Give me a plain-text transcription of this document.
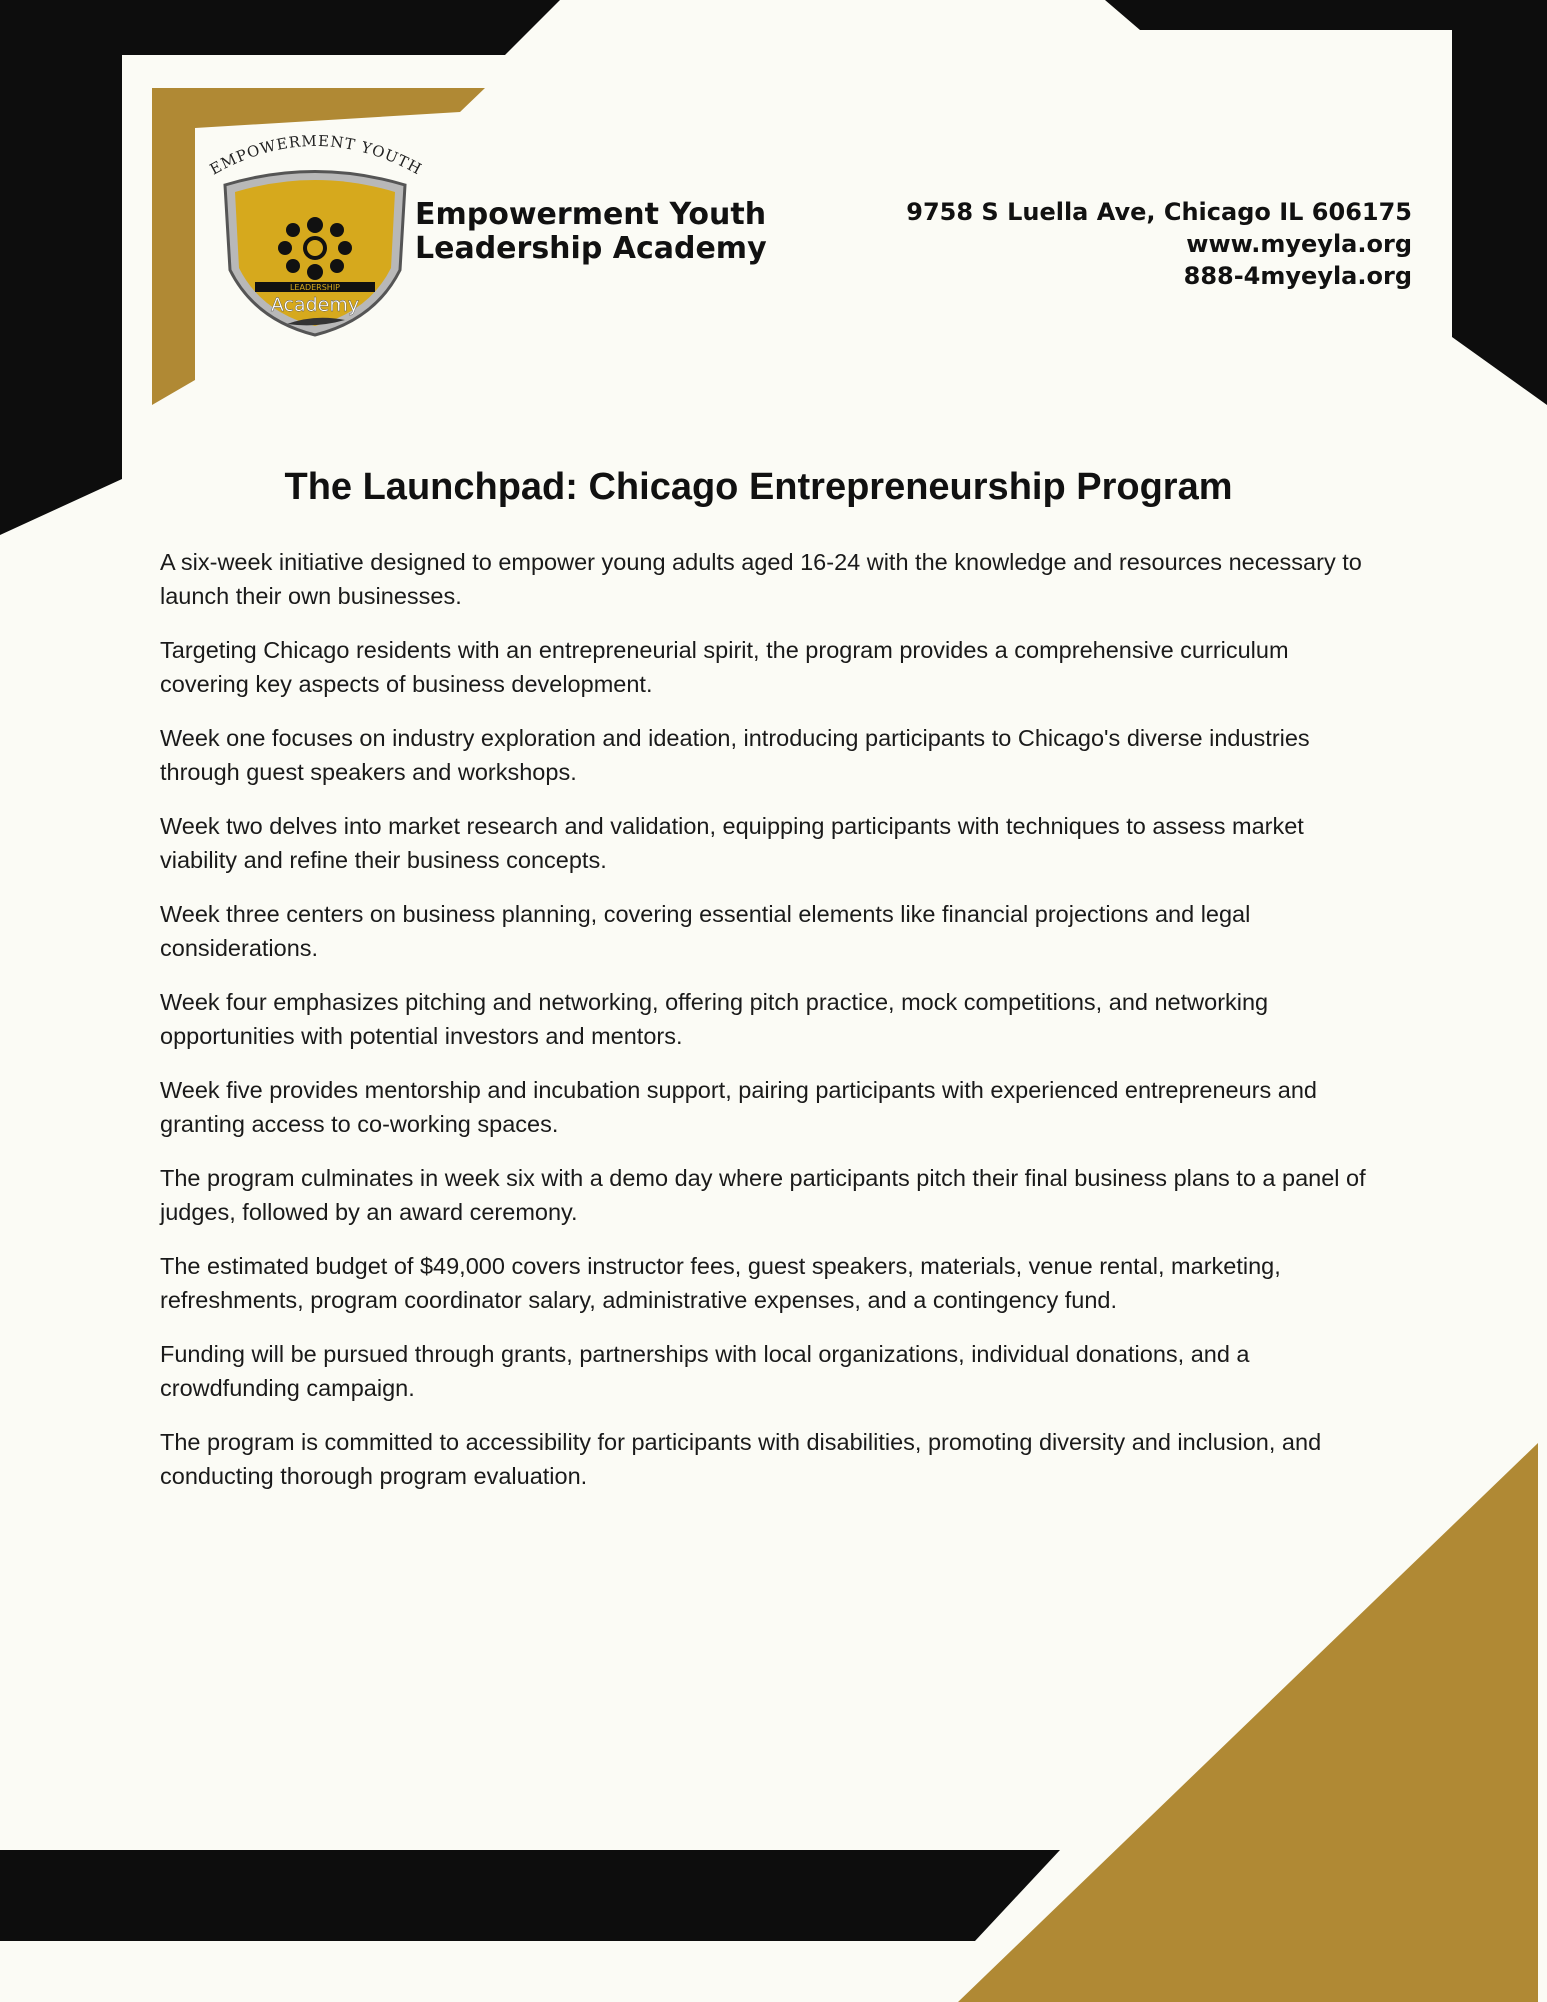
EMPOWERMENT YOUTH
LEADERSHIP
Academy
Empowerment Youth
Leadership Academy
9758 S Luella Ave, Chicago IL 606175
www.myeyla.org
888-4myeyla.org
The Launchpad: Chicago Entrepreneurship Program

A six-week initiative designed to empower young adults aged 16-24 with the knowledge and resources necessary to launch their own businesses.

Targeting Chicago residents with an entrepreneurial spirit, the program provides a comprehensive curriculum covering key aspects of business development.

Week one focuses on industry exploration and ideation, introducing participants to Chicago's diverse industries through guest speakers and workshops.

Week two delves into market research and validation, equipping participants with techniques to assess market viability and refine their business concepts.

Week three centers on business planning, covering essential elements like financial projections and legal considerations.

Week four emphasizes pitching and networking, offering pitch practice, mock competitions, and networking opportunities with potential investors and mentors.

Week five provides mentorship and incubation support, pairing participants with experienced entrepreneurs and granting access to co-working spaces.

The program culminates in week six with a demo day where participants pitch their final business plans to a panel of judges, followed by an award ceremony.

The estimated budget of $49,000 covers instructor fees, guest speakers, materials, venue rental, marketing, refreshments, program coordinator salary, administrative expenses, and a contingency fund.

Funding will be pursued through grants, partnerships with local organizations, individual donations, and a crowdfunding campaign.

The program is committed to accessibility for participants with disabilities, promoting diversity and inclusion, and conducting thorough program evaluation.
